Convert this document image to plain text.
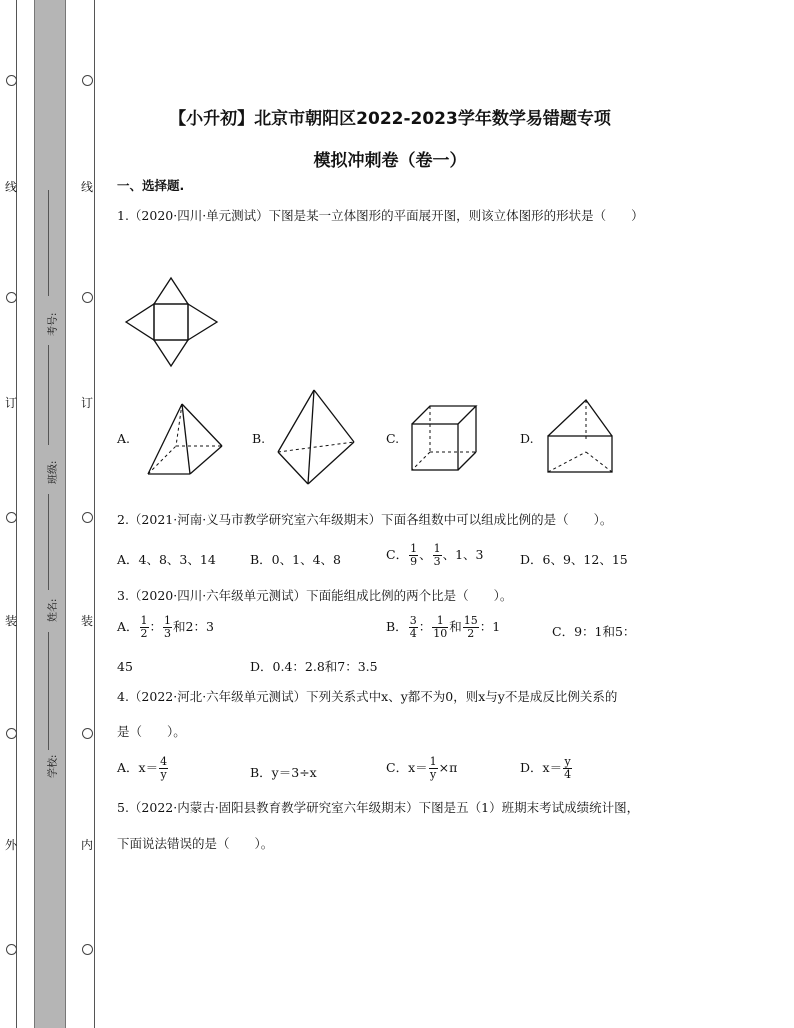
线
订
装
外
线
订
装
内
考号:
班级:
姓名:
学校:
【小升初】北京市朝阳区2022-2023学年数学易错题专项
模拟冲刺卷（卷一）
一、选择题.
1.（2020·四川·单元测试）下图是某一立体图形的平面展开图，则该立体图形的形状是（　　）
A.	B.	C.	D.
2.（2021·河南·义马市教学研究室六年级期末）下面各组数中可以组成比例的是（　　）。
A．4、8、3、14	B．0、1、4、8	C． $\frac{1}{9}$ 、 $\frac{1}{3}$ 、1、3	D．6、9、12、15
3.（2020·四川·六年级单元测试）下面能组成比例的两个比是（　　）。
A． $\frac{1}{2}$ ： $\frac{1}{3}$ 和2：3	B． $\frac{3}{4}$ ： $\frac{1}{10}$ 和 $\frac{15}{2}$ ：1	C．9：1和5：
45	D．0.4：2.8和7：3.5
4.（2022·河北·六年级单元测试）下列关系式中x、y都不为0，则x与y不是成反比例关系的
是（　　）。
A．$x= \frac{4}{y}$	B．y＝3÷x	C．$x= \frac{1}{y} \times\pi$	D．$x= \frac{y}{4}$
5.（2022·内蒙古·固阳县教育教学研究室六年级期末）下图是五（1）班期末考试成绩统计图，
下面说法错误的是（　　）。
